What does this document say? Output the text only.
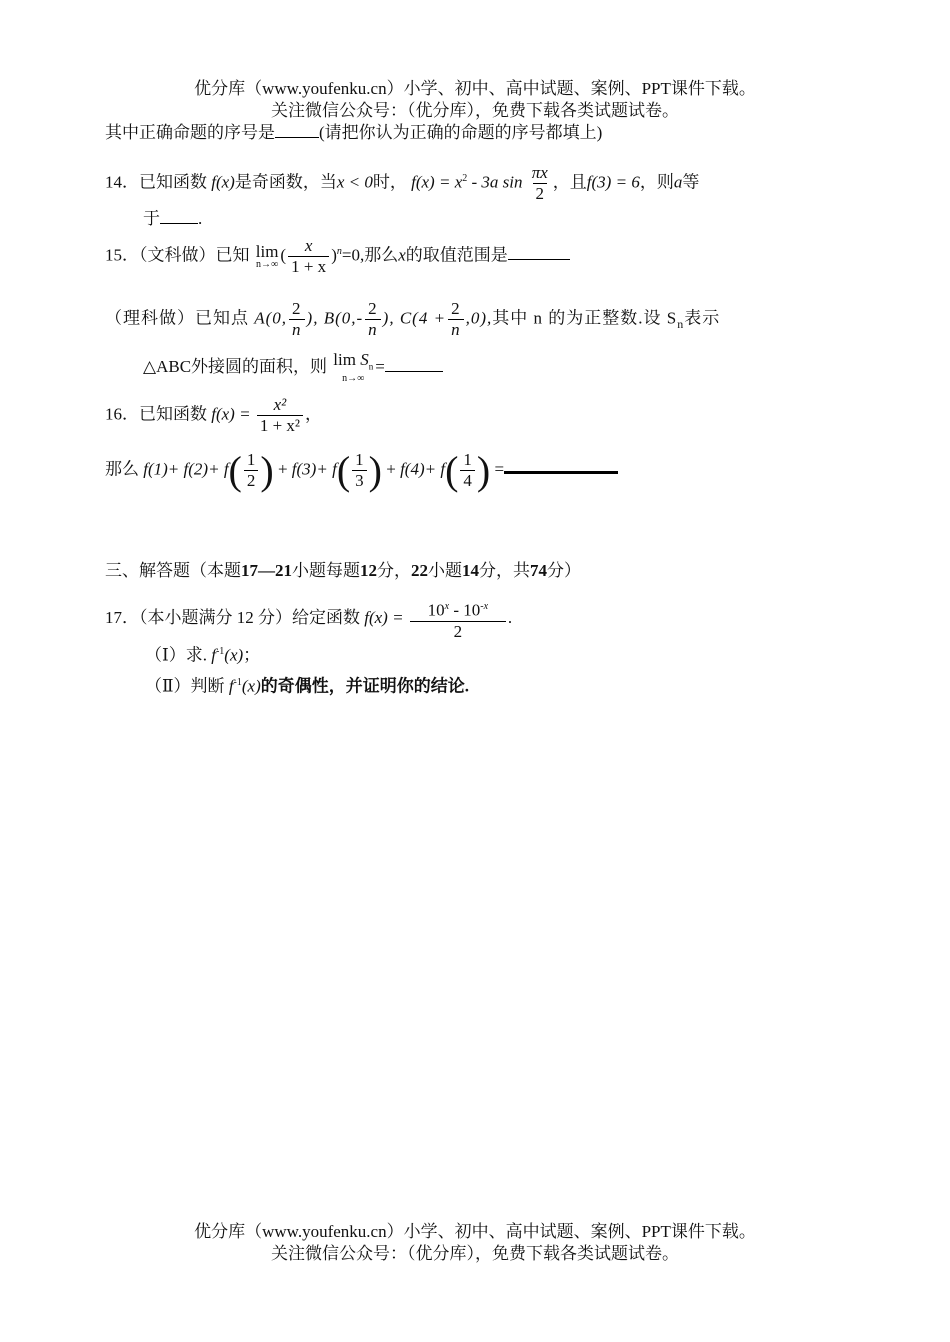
优分库（www.youfenku.cn）小学、初中、高中试题、案例、PPT课件下载。
关注微信公众号：（优分库），免费下载各类试题试卷。
其中正确命题的序号是	(请把你认为正确的命题的序号都填上)
14．已知函数 f(x)是奇函数，当x < 0时， $f(x) = x^2 - 3a$ $\sin \frac{\pi x}{2}$ ，且f(3) = 6，则a等
于 .
15．（文科做）已知 lim
n→∞ ( $\frac{x}{1 + x} )^n=0$,那么x的取值范围是
（理科做）已知点 A(0, $\frac{2}{n}$ ), $B(0,- \frac{2}{n}$ ), $C(4 + \frac{2}{n} ,0)$,其中 n 的为正整数.设 $S_n$表示
△ABC外接圆的面积，则 $\lim S_n$
n→∞
=
16．已知函数 $f(x) = \frac{\text{x²}}{\text{1 + x²}}$ ，
那么 f(1)+ f(2)+ f ( $\frac{1}{2}$ ) + f(3)+ f ( $\frac{1}{3}$ ) + f(4)+ f ( $\frac{1}{4}$ ) =
三、解答题（本题17—21小题每题12分，22小题14分，共74分）
17．（本小题满分 12 分）给定函数 $f(x) = \frac{10^x - 10^{-x}}{2}$ .
（Ⅰ）求. $f^{-1}(x)$；
（Ⅱ）判断 $f^{-1}(x)$的奇偶性，并证明你的结论.
优分库（www.youfenku.cn）小学、初中、高中试题、案例、PPT课件下载。
关注微信公众号：（优分库），免费下载各类试题试卷。
